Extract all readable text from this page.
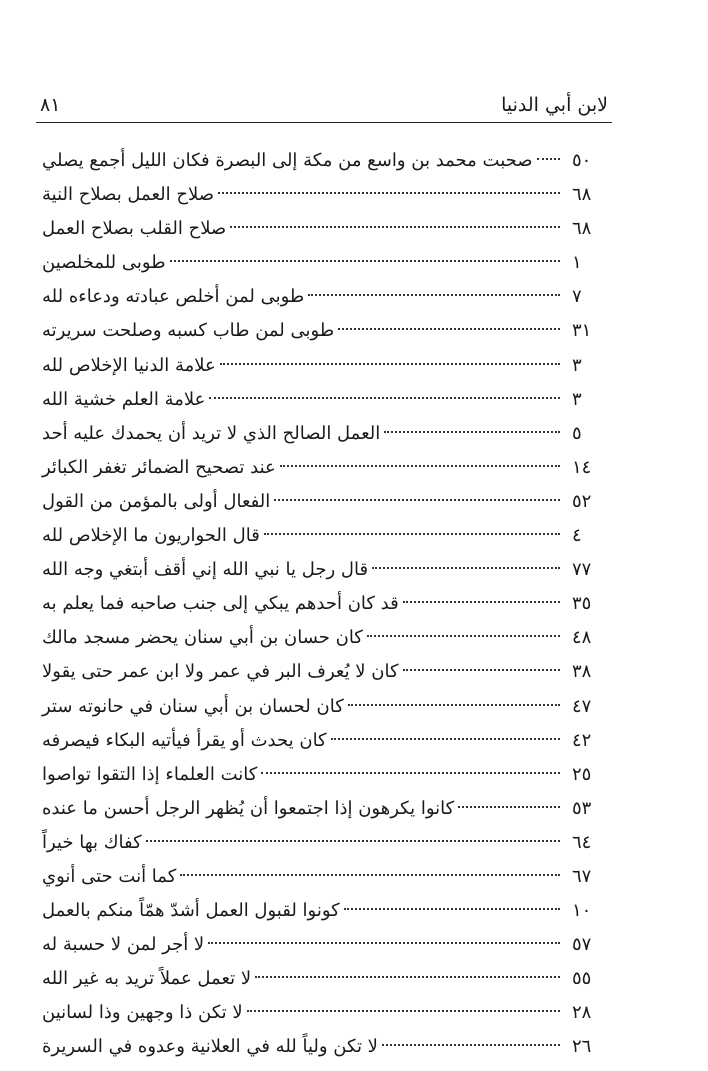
لابن أبي الدنيا
٨١
صحبت محمد بن واسع من مكة إلى البصرة فكان الليل أجمع يصلي	٥٠
صلاح العمل بصلاح النية	٦٨
صلاح القلب بصلاح العمل	٦٨
طوبى للمخلصين	١
طوبى لمن أخلص عبادته ودعاءه لله	٧
طوبى لمن طاب كسبه وصلحت سريرته	٣١
علامة الدنيا الإخلاص لله	٣
علامة العلم خشية الله	٣
العمل الصالح الذي لا تريد أن يحمدك عليه أحد	٥
عند تصحيح الضمائر تغفر الكبائر	١٤
الفعال أولى بالمؤمن من القول	٥٢
قال الحواريون ما الإخلاص لله	٤
قال رجل يا نبي الله إني أقف أبتغي وجه الله	٧٧
قد كان أحدهم يبكي إلى جنب صاحبه فما يعلم به	٣٥
كان حسان بن أبي سنان يحضر مسجد مالك	٤٨
كان لا يُعرف البر في عمر ولا ابن عمر حتى يقولا	٣٨
كان لحسان بن أبي سنان في حانوته ستر	٤٧
كان يحدث أو يقرأ فيأتيه البكاء فيصرفه	٤٢
كانت العلماء إذا التقوا تواصوا	٢٥
كانوا يكرهون إذا اجتمعوا أن يُظهر الرجل أحسن ما عنده	٥٣
كفاك بها خيراً	٦٤
كما أنت حتى أنوي	٦٧
كونوا لقبول العمل أشدّ همّاً منكم بالعمل	١٠
لا أجر لمن لا حسبة له	٥٧
لا تعمل عملاً تريد به غير الله	٥٥
لا تكن ذا وجهين وذا لسانين	٢٨
لا تكن ولياً لله في العلانية وعدوه في السريرة	٢٦
